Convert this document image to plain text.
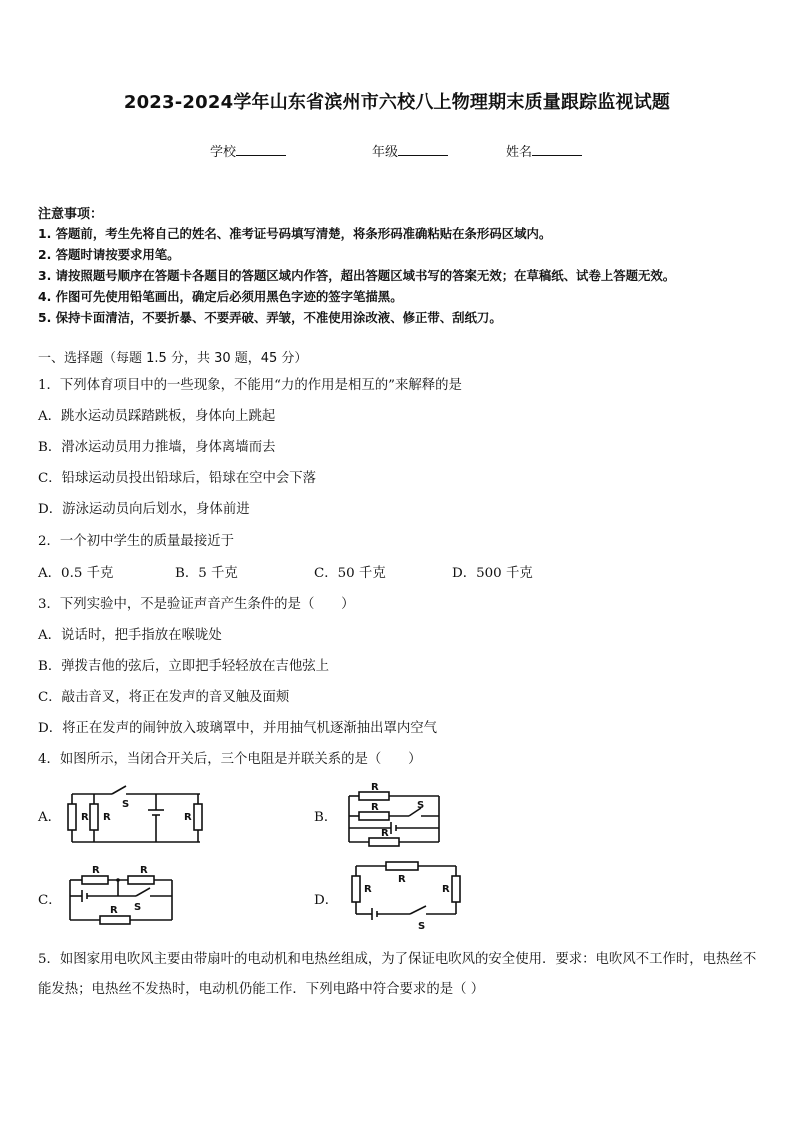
2023-2024学年山东省滨州市六校八上物理期末质量跟踪监视试题
学校	年级	姓名
注意事项：
1. 答题前，考生先将自己的姓名、准考证号码填写清楚，将条形码准确粘贴在条形码区域内。
2. 答题时请按要求用笔。
3. 请按照题号顺序在答题卡各题目的答题区域内作答，超出答题区域书写的答案无效；在草稿纸、试卷上答题无效。
4. 作图可先使用铅笔画出，确定后必须用黑色字迹的签字笔描黑。
5. 保持卡面清洁，不要折暴、不要弄破、弄皱，不准使用涂改液、修正带、刮纸刀。
一、选择题（每题 1.5 分，共 30 题，45 分）
1．下列体育项目中的一些现象，不能用“力的作用是相互的”来解释的是
A．跳水运动员踩踏跳板，身体向上跳起
B．滑冰运动员用力推墙，身体离墙而去
C．铅球运动员投出铅球后，铅球在空中会下落
D．游泳运动员向后划水，身体前进
2．一个初中学生的质量最接近于
A．0.5 千克	B．5 千克	C．50 千克	D．500 千克
3．下列实验中，不是验证声音产生条件的是（　　）
A．说话时，把手指放在喉咙处
B．弹拨吉他的弦后，立即把手轻轻放在吉他弦上
C．敲击音叉，将正在发声的音叉触及面颊
D．将正在发声的闹钟放入玻璃罩中，并用抽气机逐渐抽出罩内空气
4．如图所示，当闭合开关后，三个电阻是并联关系的是（　　）
A． R R	R
S
B．
R
R
R
S
C．
R	R
R S	D．
R
R	R
S
5．如图家用电吹风主要由带扇叶的电动机和电热丝组成，为了保证电吹风的安全使用．要求：电吹风不工作时，电热丝不能发热；电热丝不发热时，电动机仍能工作．下列电路中符合要求的是（ ）
